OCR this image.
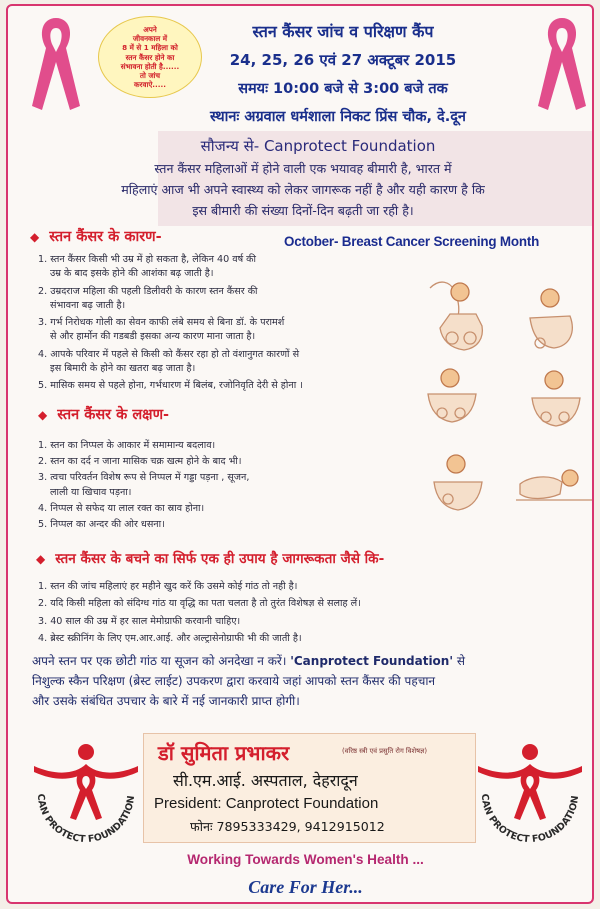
अपने
जीवनकाल में
8 में से 1 महिला को
स्तन कैंसर होने का
संभावना होती है......
तो जांच
करवाऐ.....
स्तन कैंसर जांच व परिक्षण कैंप
24, 25, 26 एवं 27 अक्टूबर 2015
समयः 10:00 बजे से 3:00 बजे तक
स्थानः अग्रवाल धर्मशाला निकट प्रिंस चौक, दे.दून
सौजन्य से- Canprotect Foundation

स्तन कैंसर महिलाओं में होने वाली एक भयावह बीमारी है, भारत में

महिलाएं आज भी अपने स्वास्थ्य को लेकर जागरूक नहीं है और यही कारण है कि

इस बीमारी की संख्या दिनों-दिन बढ़ती जा रही है।

◆ स्तन कैंसर के कारण-	October- Breast Cancer Screening Month

1. स्तन कैंसर किसी भी उम्र में हो सकता है, लेकिन 40 वर्ष की

उम्र के बाद इसके होने की आशंका बढ़ जाती है।

2. उम्रदराज महिला की पहली डिलीवरी के कारण स्तन कैंसर की

संभावना बढ़ जाती है।

3. गर्भ निरोधक गोली का सेवन काफी लंबे समय से बिना डॉ. के परामर्श

से और हार्मोन की गडबडी इसका अन्य कारण माना जाता है।

4. आपके परिवार में पहले से किसी को कैंसर रहा हो तो वंशानुगत कारणों से

इस बिमारी के होने का खतरा बढ़ जाता है।

5. मासिक समय से पहले होना, गर्भधारण में बिलंब, रजोनिवृति देरी से होना ।

◆ स्तन कैंसर के लक्षण-

1. स्तन का निप्पल के आकार में समामान्य बदलाव।

2. स्तन का दर्द न जाना मासिक चक्र खत्म होने के बाद भी।

3. त्वचा परिवर्तन विशेष रूप से निप्पल में गड्डा पड़ना , सूजन,

लाली या खिचाव पड़ना।

4. निप्पल से सफेद या लाल रक्त का स्राव होना।

5. निप्पल का अन्दर की ओर धसना।

◆ स्तन कैंसर के बचने का सिर्फ एक ही उपाय है जागरूकता जैसे कि-

1. स्तन की जांच महिलाएं हर महीने खुद करें कि उसमे कोई गांठ तो नही है।

2. यदि किसी महिला को संदिग्ध गांठ या वृद्धि का पता चलता है तो तुरंत विशेषज्ञ से सलाह लें।

3. 40 साल की उम्र में हर साल मेमोग्राफी करवानी चाहिए।

4. ब्रेस्ट स्क्रीनिंग के लिए एम.आर.आई. और अल्ट्रासेनोग्राफी भी की जाती है।

अपने स्तन पर एक छोटी गांठ या सूजन को अनदेखा न करें। 'Canprotect Foundation' से

निशुल्क स्कैन परिक्षण (ब्रेस्ट लाईट) उपकरण द्वारा करवाये जहां आपको स्तन कैंसर की पहचान

और उसके संबंधित उपचार के बारे में नई जानकारी प्राप्त होगी।

CAN PROTECT FOUNDATION	CAN PROTECT FOUNDATION
डॉ सुमिता प्रभाकर	(वरिष्ठ स्त्री एवं प्रसुति रोग विशेषज्ञ)
सी.एम.आई. अस्पताल, देहरादून
President: Canprotect Foundation
फोनः 7895333429, 9412915012
Working Towards Women's Health ...
Care For Her...
